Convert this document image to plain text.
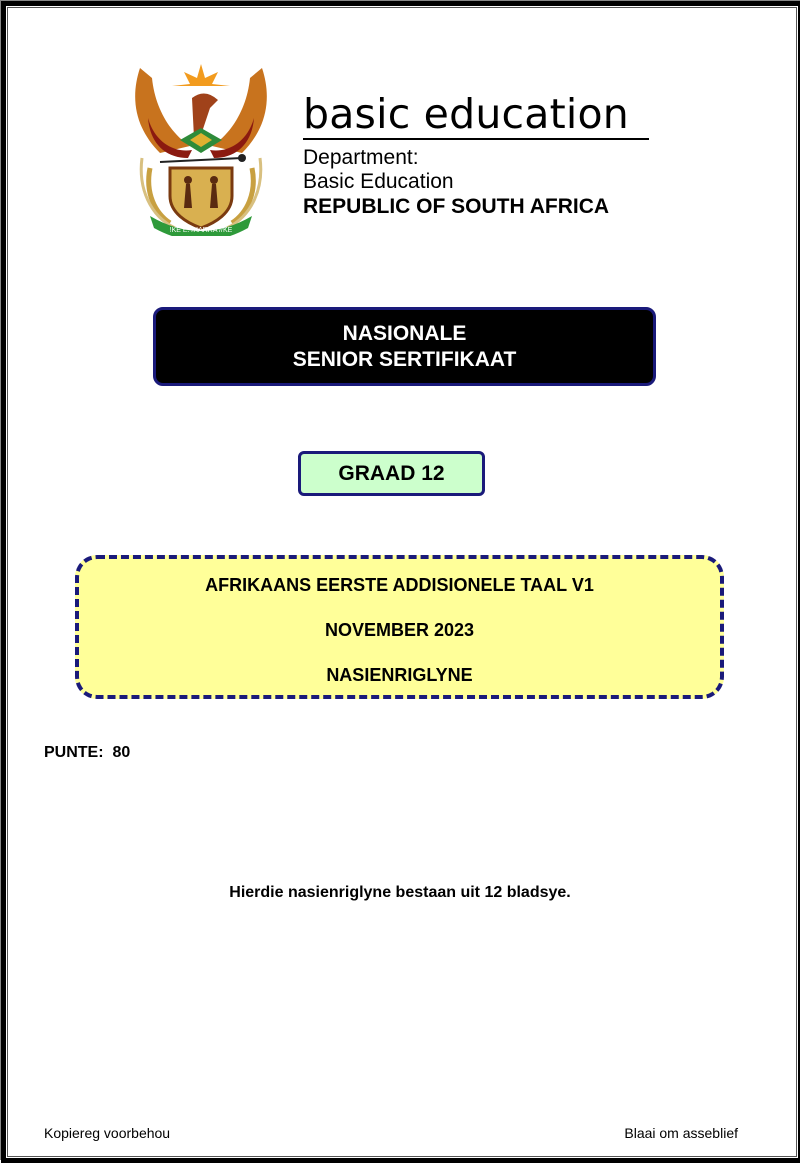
!KE E: /XARRA //KE
basic education
Department:
Basic Education
REPUBLIC OF SOUTH AFRICA
NASIONALE
SENIOR SERTIFIKAAT
GRAAD 12
AFRIKAANS EERSTE ADDISIONELE TAAL V1
NOVEMBER 2023
NASIENRIGLYNE
PUNTE: 80
Hierdie nasienriglyne bestaan uit 12 bladsye.
Kopiereg voorbehou	Blaai om asseblief
